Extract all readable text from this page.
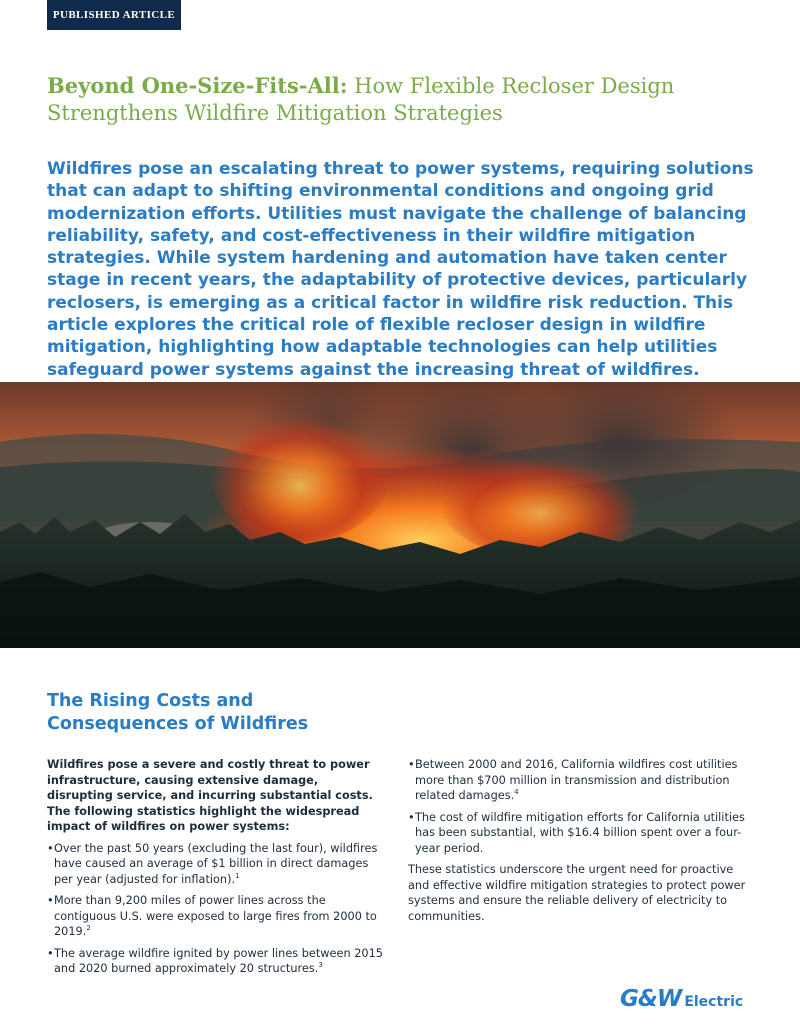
PUBLISHED ARTICLE
Beyond One-Size-Fits-All: How Flexible Recloser Design Strengthens Wildfire Mitigation Strategies

Wildfires pose an escalating threat to power systems, requiring solutions that can adapt to shifting environmental conditions and ongoing grid modernization efforts. Utilities must navigate the challenge of balancing reliability, safety, and cost-effectiveness in their wildfire mitigation strategies. While system hardening and automation have taken center stage in recent years, the adaptability of protective devices, particularly reclosers, is emerging as a critical factor in wildfire risk reduction. This article explores the critical role of flexible recloser design in wildfire mitigation, highlighting how adaptable technologies can help utilities safeguard power systems against the increasing threat of wildfires.

The Rising Costs and Consequences of Wildfires

Wildfires pose a severe and costly threat to power infrastructure, causing extensive damage, disrupting service, and incurring substantial costs. The following statistics highlight the widespread impact of wildfires on power systems:

• Over the past 50 years (excluding the last four), wildfires have caused an average of $1 billion in direct damages per year (adjusted for inflation).$^1$
• More than 9,200 miles of power lines across the contiguous U.S. were exposed to large fires from 2000 to 2019.$^2$
• The average wildfire ignited by power lines between 2015 and 2020 burned approximately 20 structures.$^3$
• Between 2000 and 2016, California wildfires cost utilities more than $700 million in transmission and distribution related damages.$^4$
• The cost of wildfire mitigation efforts for California utilities has been substantial, with $16.4 billion spent over a four-year period.

These statistics underscore the urgent need for proactive and effective wildfire mitigation strategies to protect power systems and ensure the reliable delivery of electricity to communities.

G&W Electric
